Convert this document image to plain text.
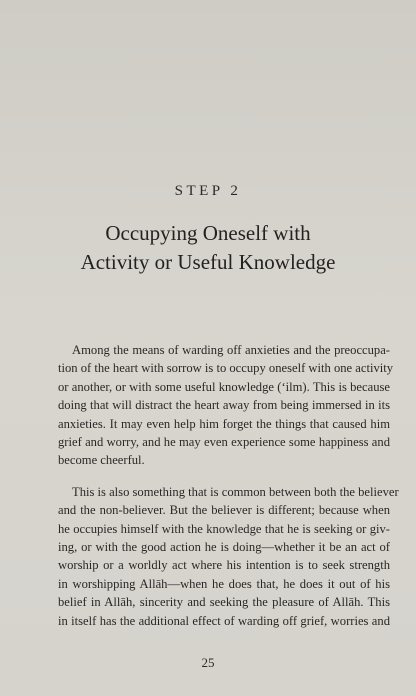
STEP 2
Occupying Oneself with
Activity or Useful Knowledge

Among the means of warding off anxieties and the preoccupa-
tion of the heart with sorrow is to occupy oneself with one activity
or another, or with some useful knowledge (‘ilm). This is because
doing that will distract the heart away from being immersed in its
anxieties. It may even help him forget the things that caused him
grief and worry, and he may even experience some happiness and
become cheerful.

This is also something that is common between both the believer
and the non-believer. But the believer is different; because when
he occupies himself with the knowledge that he is seeking or giv-
ing, or with the good action he is doing—whether it be an act of
worship or a worldly act where his intention is to seek strength
in worshipping Allāh—when he does that, he does it out of his
belief in Allāh, sincerity and seeking the pleasure of Allāh. This
in itself has the additional effect of warding off grief, worries and

25
